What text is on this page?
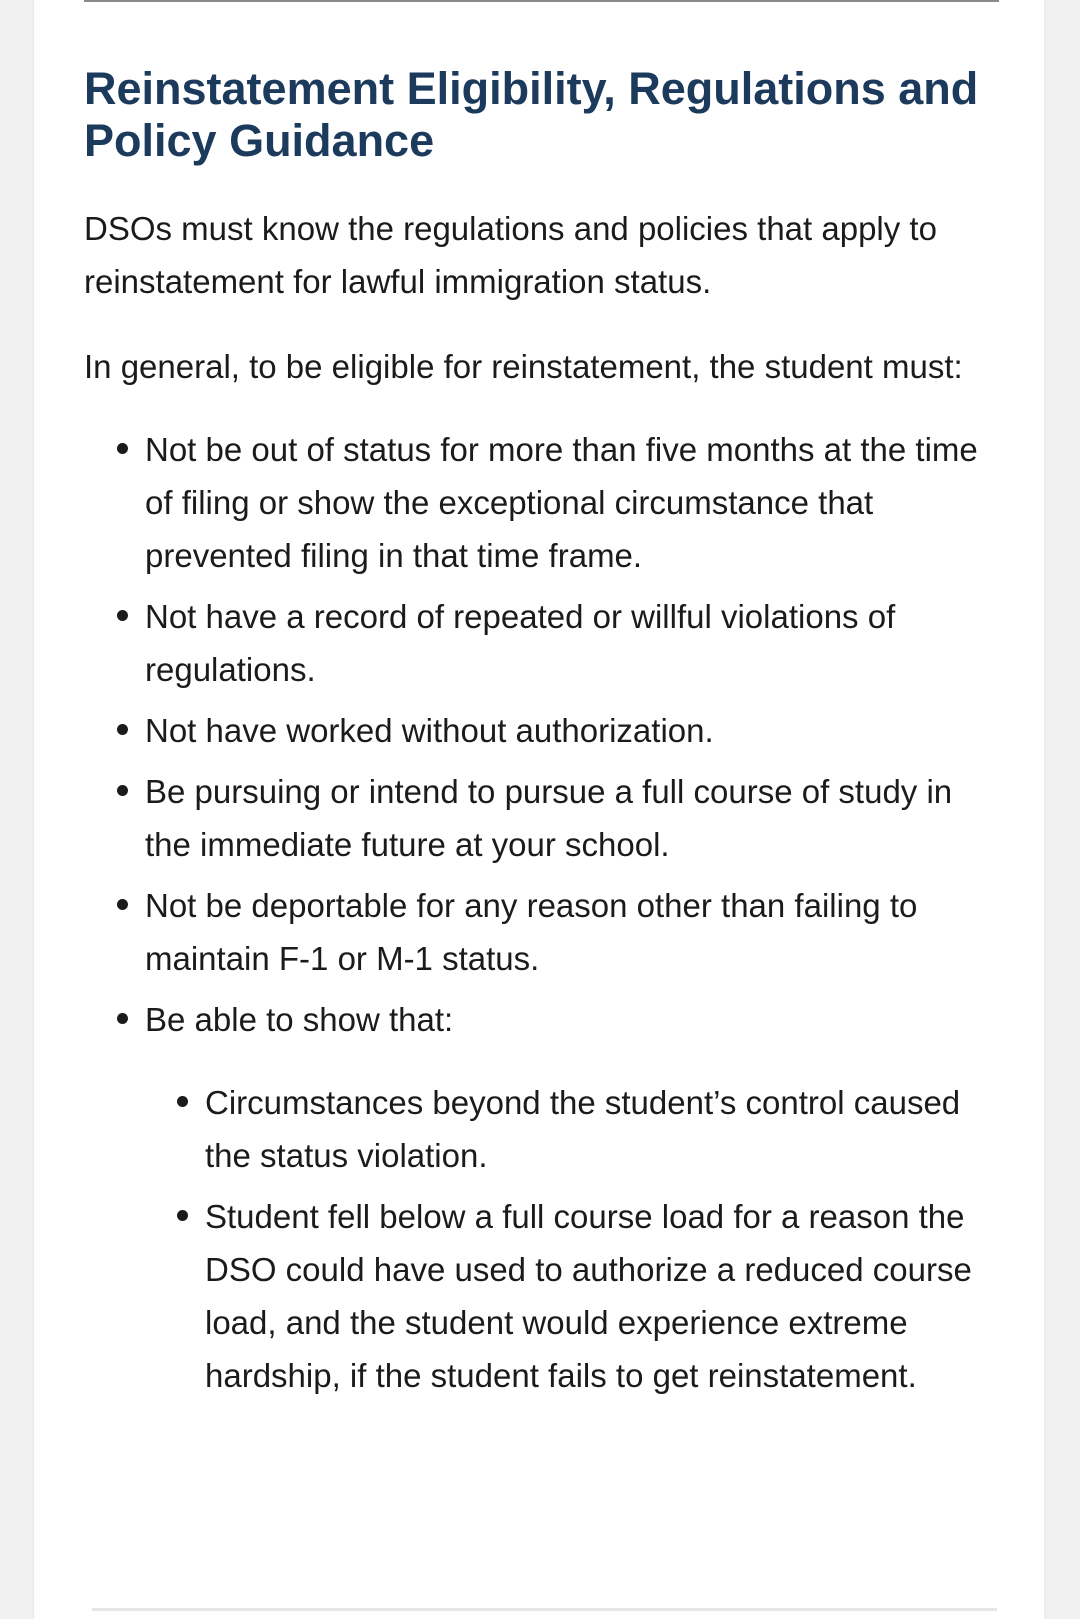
Reinstatement Eligibility, Regulations and Policy Guidance

DSOs must know the regulations and policies that apply to reinstatement for lawful immigration status.

In general, to be eligible for reinstatement, the student must:

Not be out of status for more than five months at the time of filing or show the exceptional circumstance that prevented filing in that time frame.
Not have a record of repeated or willful violations of regulations.
Not have worked without authorization.
Be pursuing or intend to pursue a full course of study in the immediate future at your school.
Not be deportable for any reason other than failing to maintain F-1 or M-1 status.
Be able to show that:
Circumstances beyond the student’s control caused the status violation.
Student fell below a full course load for a reason the DSO could have used to authorize a reduced course load, and the student would experience extreme hardship, if the student fails to get reinstatement.
